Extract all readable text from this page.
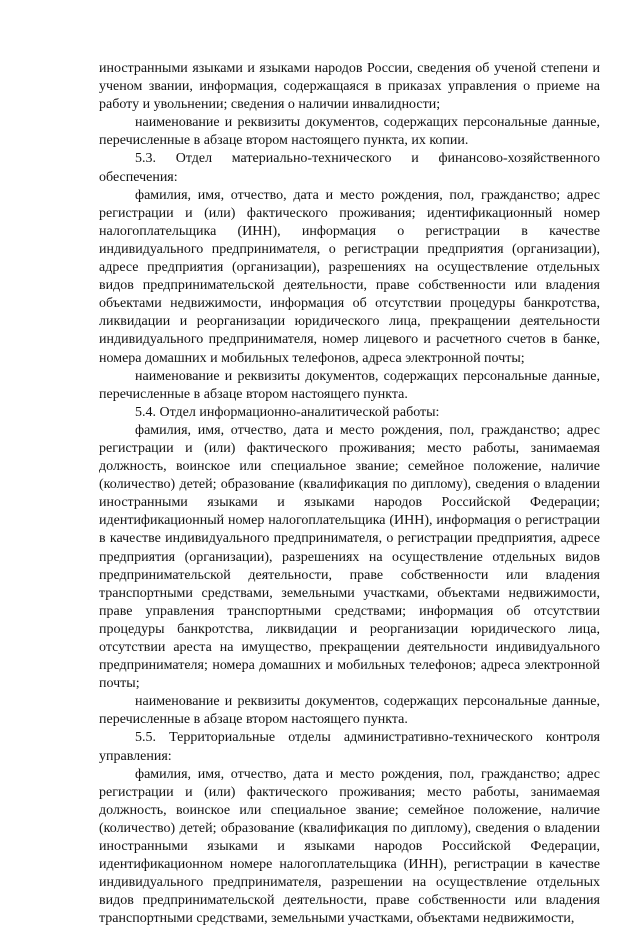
иностранными языками и языками народов России, сведения об ученой степени и ученом звании, информация, содержащаяся в приказах управления о приеме на работу и увольнении; сведения о наличии инвалидности;

наименование и реквизиты документов, содержащих персональные данные, перечисленные в абзаце втором настоящего пункта, их копии.

5.3. Отдел материально-технического и финансово-хозяйственного обеспечения:

фамилия, имя, отчество, дата и место рождения, пол, гражданство; адрес регистрации и (или) фактического проживания; идентификационный номер налогоплательщика (ИНН), информация о регистрации в качестве индивидуального предпринимателя, о регистрации предприятия (организации), адресе предприятия (организации), разрешениях на осуществление отдельных видов предпринимательской деятельности, праве собственности или владения объектами недвижимости, информация об отсутствии процедуры банкротства, ликвидации и реорганизации юридического лица, прекращении деятельности индивидуального предпринимателя, номер лицевого и расчетного счетов в банке, номера домашних и мобильных телефонов, адреса электронной почты;

наименование и реквизиты документов, содержащих персональные данные, перечисленные в абзаце втором настоящего пункта.

5.4. Отдел информационно-аналитической работы:

фамилия, имя, отчество, дата и место рождения, пол, гражданство; адрес регистрации и (или) фактического проживания; место работы, занимаемая должность, воинское или специальное звание; семейное положение, наличие (количество) детей; образование (квалификация по диплому), сведения о владении иностранными языками и языками народов Российской Федерации; идентификационный номер налогоплательщика (ИНН), информация о регистрации в качестве индивидуального предпринимателя, о регистрации предприятия, адресе предприятия (организации), разрешениях на осуществление отдельных видов предпринимательской деятельности, праве собственности или владения транспортными средствами, земельными участками, объектами недвижимости, праве управления транспортными средствами; информация об отсутствии процедуры банкротства, ликвидации и реорганизации юридического лица, отсутствии ареста на имущество, прекращении деятельности индивидуального предпринимателя; номера домашних и мобильных телефонов; адреса электронной почты;

наименование и реквизиты документов, содержащих персональные данные, перечисленные в абзаце втором настоящего пункта.

5.5. Территориальные отделы административно-технического контроля управления:

фамилия, имя, отчество, дата и место рождения, пол, гражданство; адрес регистрации и (или) фактического проживания; место работы, занимаемая должность, воинское или специальное звание; семейное положение, наличие (количество) детей; образование (квалификация по диплому), сведения о владении иностранными языками и языками народов Российской Федерации, идентификационном номере налогоплательщика (ИНН), регистрации в качестве индивидуального предпринимателя, разрешении на осуществление отдельных видов предпринимательской деятельности, праве собственности или владения транспортными средствами, земельными участками, объектами недвижимости,
